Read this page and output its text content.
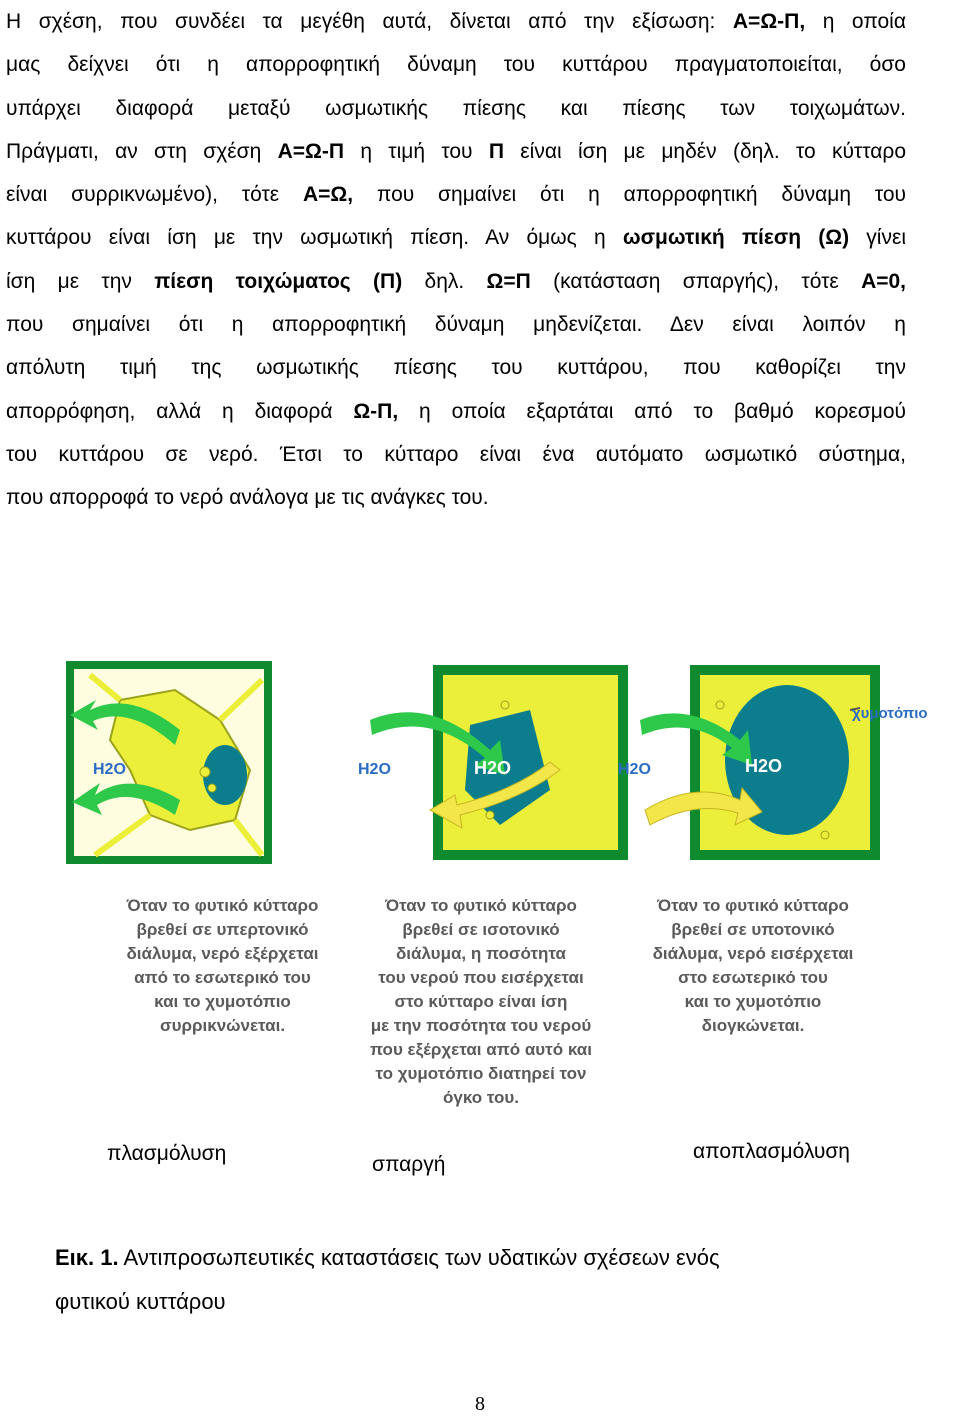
Η σχέση, που συνδέει τα μεγέθη αυτά, δίνεται από την εξίσωση: Α=Ω-Π, η οποία
μας δείχνει ότι η απορροφητική δύναμη του κυττάρου πραγματοποιείται, όσο
υπάρχει διαφορά μεταξύ ωσμωτικής πίεσης και πίεσης των τοιχωμάτων.
Πράγματι, αν στη σχέση Α=Ω-Π η τιμή του Π είναι ίση με μηδέν (δηλ. το κύτταρο
είναι συρρικνωμένο), τότε Α=Ω, που σημαίνει ότι η απορροφητική δύναμη του
κυττάρου είναι ίση με την ωσμωτική πίεση. Αν όμως η ωσμωτική πίεση (Ω) γίνει
ίση με την πίεση τοιχώματος (Π) δηλ. Ω=Π (κατάσταση σπαργής), τότε Α=0,
που σημαίνει ότι η απορροφητική δύναμη μηδενίζεται. Δεν είναι λοιπόν η
απόλυτη τιμή της ωσμωτικής πίεσης του κυττάρου, που καθορίζει την
απορρόφηση, αλλά η διαφορά Ω-Π, η οποία εξαρτάται από το βαθμό κορεσμού
του κυττάρου σε νερό. Έτσι το κύτταρο είναι ένα αυτόματο ωσμωτικό σύστημα,
που απορροφά το νερό ανάλογα με τις ανάγκες του.
H2O	H2O	H2O	H2O	H2O
χυμοτόπιο
Όταν το φυτικό κύτταρο
βρεθεί σε υπερτονικό
διάλυμα, νερό εξέρχεται
από το εσωτερικό του
και το χυμοτόπιο
συρρικνώνεται.
Όταν το φυτικό κύτταρο
βρεθεί σε ισοτονικό
διάλυμα, η ποσότητα
του νερού που εισέρχεται
στο κύτταρο είναι ίση
με την ποσότητα του νερού
που εξέρχεται από αυτό και
το χυμοτόπιο διατηρεί τον
όγκο του.
Όταν το φυτικό κύτταρο
βρεθεί σε υποτονικό
διάλυμα, νερό εισέρχεται
στο εσωτερικό του
και το χυμοτόπιο
διογκώνεται.
πλασμόλυση	σπαργή
αποπλασμόλυση
Εικ. 1. Αντιπροσωπευτικές καταστάσεις των υδατικών σχέσεων ενός
φυτικού κυττάρου
8
